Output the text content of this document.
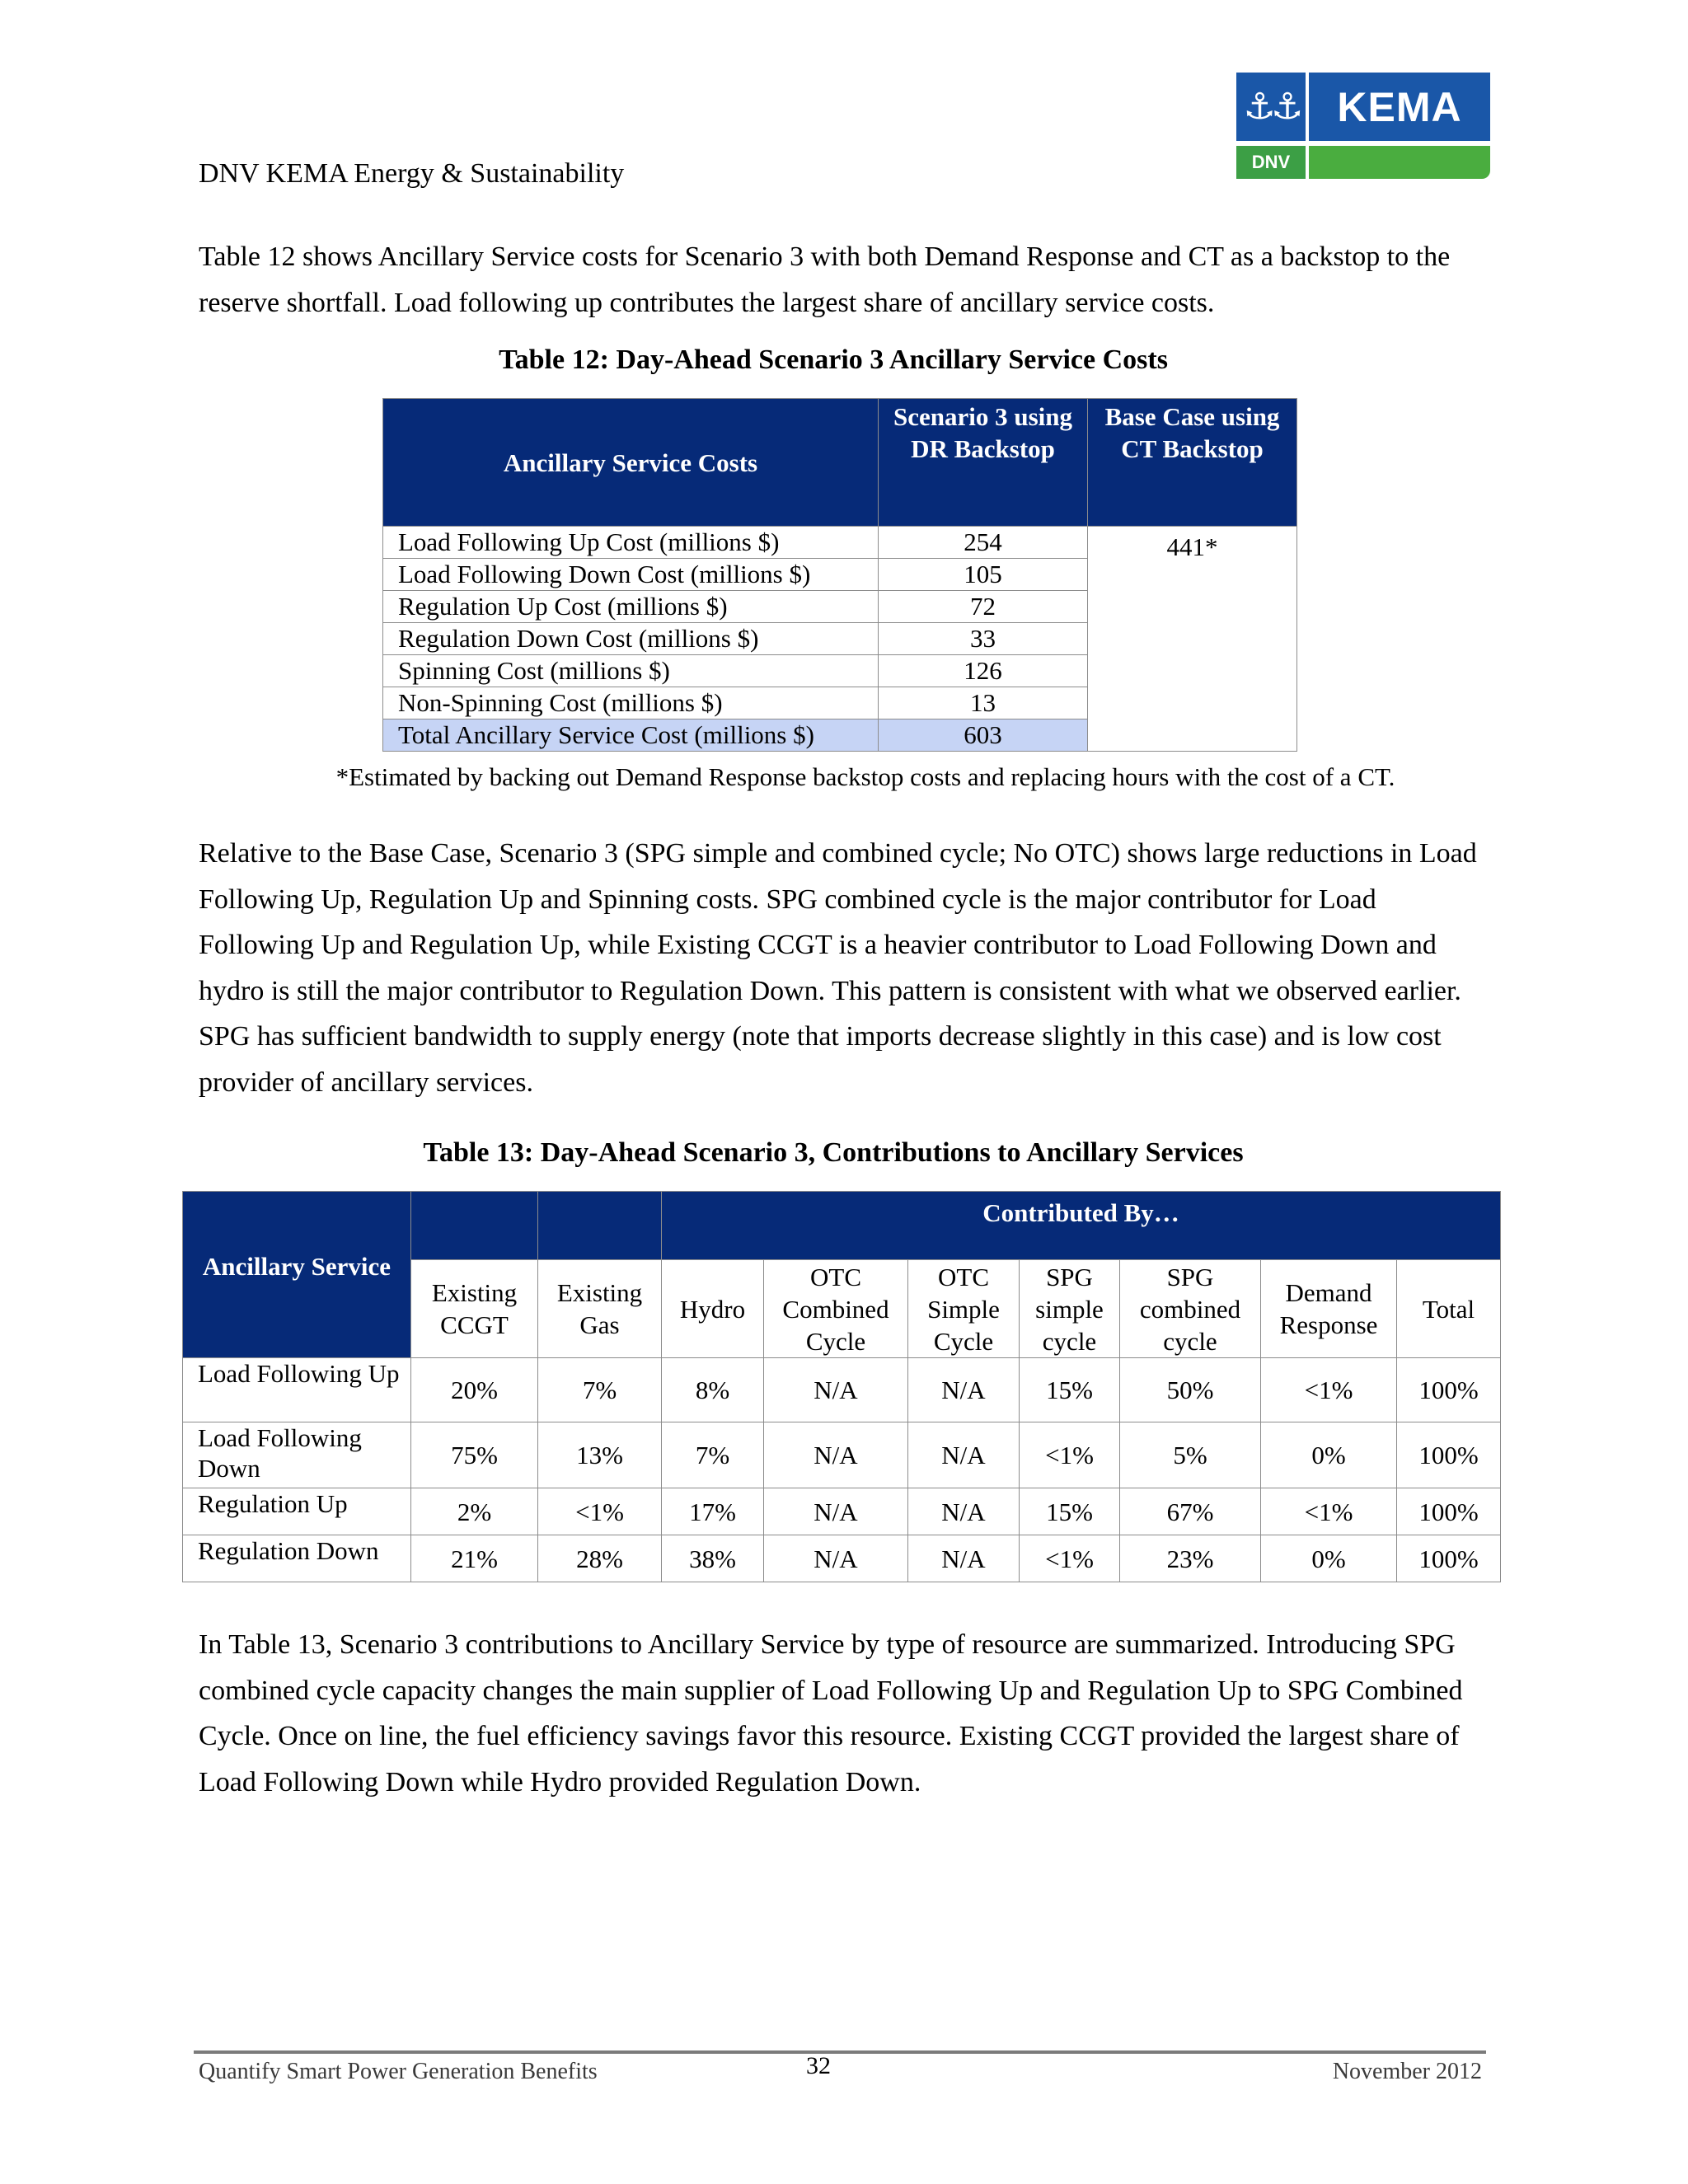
DNV KEMA Energy & Sustainability
⚓⚓ KEMA
DNV
Table 12 shows Ancillary Service costs for Scenario 3 with both Demand Response and CT as a backstop to the reserve shortfall. Load following up contributes the largest share of ancillary service costs.
Table 12: Day-Ahead Scenario 3 Ancillary Service Costs
Ancillary Service Costs	Scenario 3 using DR Backstop	Base Case using CT Backstop
Load Following Up Cost (millions $)	254	441*

Load Following Down Cost (millions $)	105	
Regulation Up Cost (millions $)	72	
Regulation Down Cost (millions $)	33	
Spinning Cost (millions $)	126	
Non-Spinning Cost (millions $)	13	
Total Ancillary Service Cost (millions $)	603	
*Estimated by backing out Demand Response backstop costs and replacing hours with the cost of a CT.
Relative to the Base Case, Scenario 3 (SPG simple and combined cycle; No OTC) shows large reductions in Load Following Up, Regulation Up and Spinning costs. SPG combined cycle is the major contributor for Load Following Up and Regulation Up, while Existing CCGT is a heavier contributor to Load Following Down and hydro is still the major contributor to Regulation Down. This pattern is consistent with what we observed earlier. SPG has sufficient bandwidth to supply energy (note that imports decrease slightly in this case) and is low cost provider of ancillary services.
Table 13: Day-Ahead Scenario 3, Contributions to Ancillary Services
Ancillary Service			Contributed By…						
	Existing CCGT	Existing Gas	Hydro	OTC Combined Cycle	OTC Simple Cycle	SPG simple cycle	SPG combined cycle	Demand Response	Total
Load Following Up	20%	7%	8%	N/A	N/A	15%	50%	<1%	100%
Load Following Down	75%	13%	7%	N/A	N/A	<1%	5%	0%	100%
Regulation Up	2%	<1%	17%	N/A	N/A	15%	67%	<1%	100%
Regulation Down	21%	28%	38%	N/A	N/A	<1%	23%	0%	100%
In Table 13, Scenario 3 contributions to Ancillary Service by type of resource are summarized. Introducing SPG combined cycle capacity changes the main supplier of Load Following Up and Regulation Up to SPG Combined Cycle. Once on line, the fuel efficiency savings favor this resource. Existing CCGT provided the largest share of Load Following Down while Hydro provided Regulation Down.
Quantify Smart Power Generation Benefits	32	November 2012
